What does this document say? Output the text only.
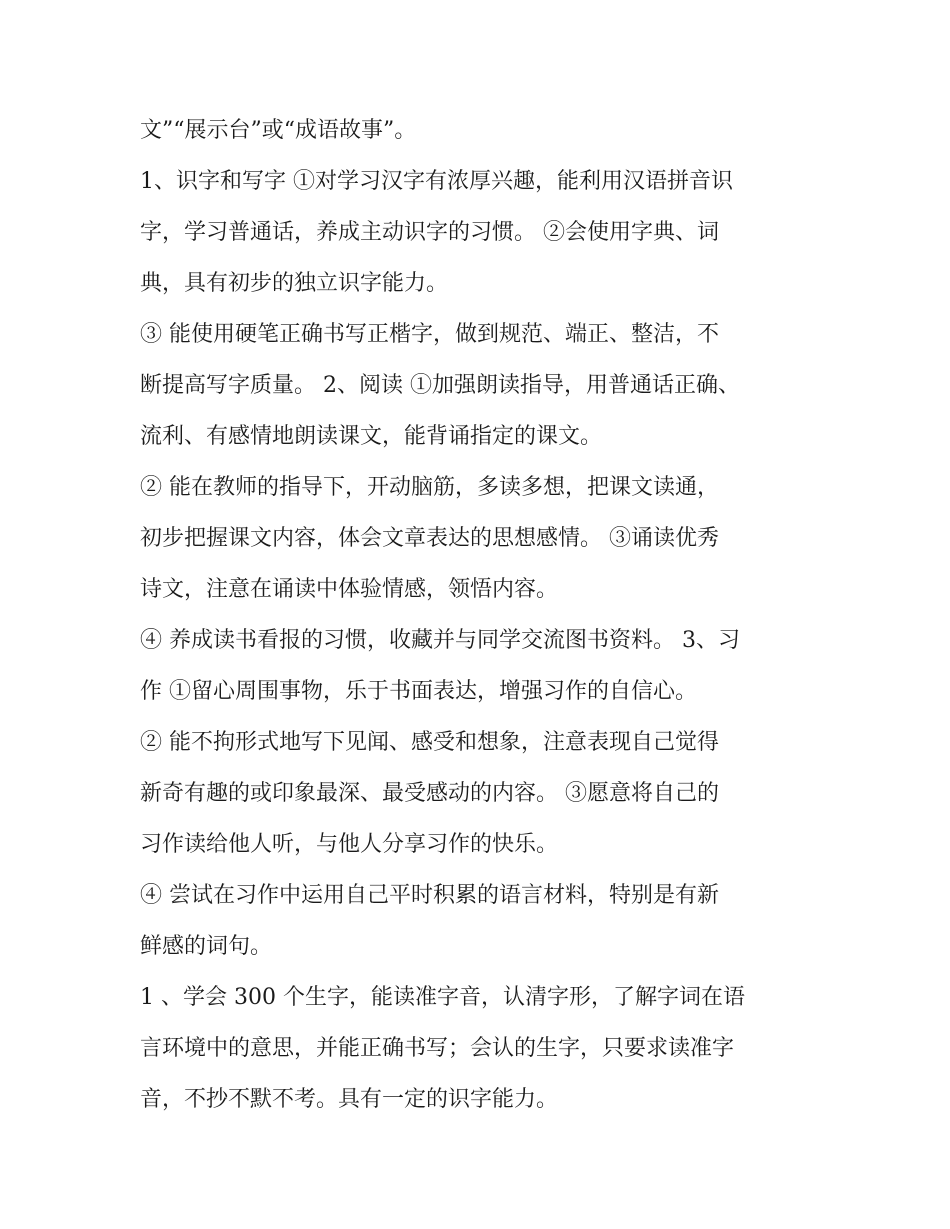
文”“展示台”或“成语故事”。
1、识字和写字 ①对学习汉字有浓厚兴趣，能利用汉语拼音识
字，学习普通话，养成主动识字的习惯。 ②会使用字典、词
典，具有初步的独立识字能力。
③ 能使用硬笔正确书写正楷字，做到规范、端正、整洁，不
断提高写字质量。 2、阅读 ①加强朗读指导，用普通话正确、
流利、有感情地朗读课文，能背诵指定的课文。
② 能在教师的指导下，开动脑筋，多读多想，把课文读通，
初步把握课文内容，体会文章表达的思想感情。 ③诵读优秀
诗文，注意在诵读中体验情感，领悟内容。
④ 养成读书看报的习惯，收藏并与同学交流图书资料。 3、习
作 ①留心周围事物，乐于书面表达，增强习作的自信心。
② 能不拘形式地写下见闻、感受和想象，注意表现自己觉得
新奇有趣的或印象最深、最受感动的内容。 ③愿意将自己的
习作读给他人听，与他人分享习作的快乐。
④ 尝试在习作中运用自己平时积累的语言材料，特别是有新
鲜感的词句。
1 、学会 300 个生字，能读准字音，认清字形，了解字词在语
言环境中的意思，并能正确书写；会认的生字，只要求读准字
音，不抄不默不考。具有一定的识字能力。
